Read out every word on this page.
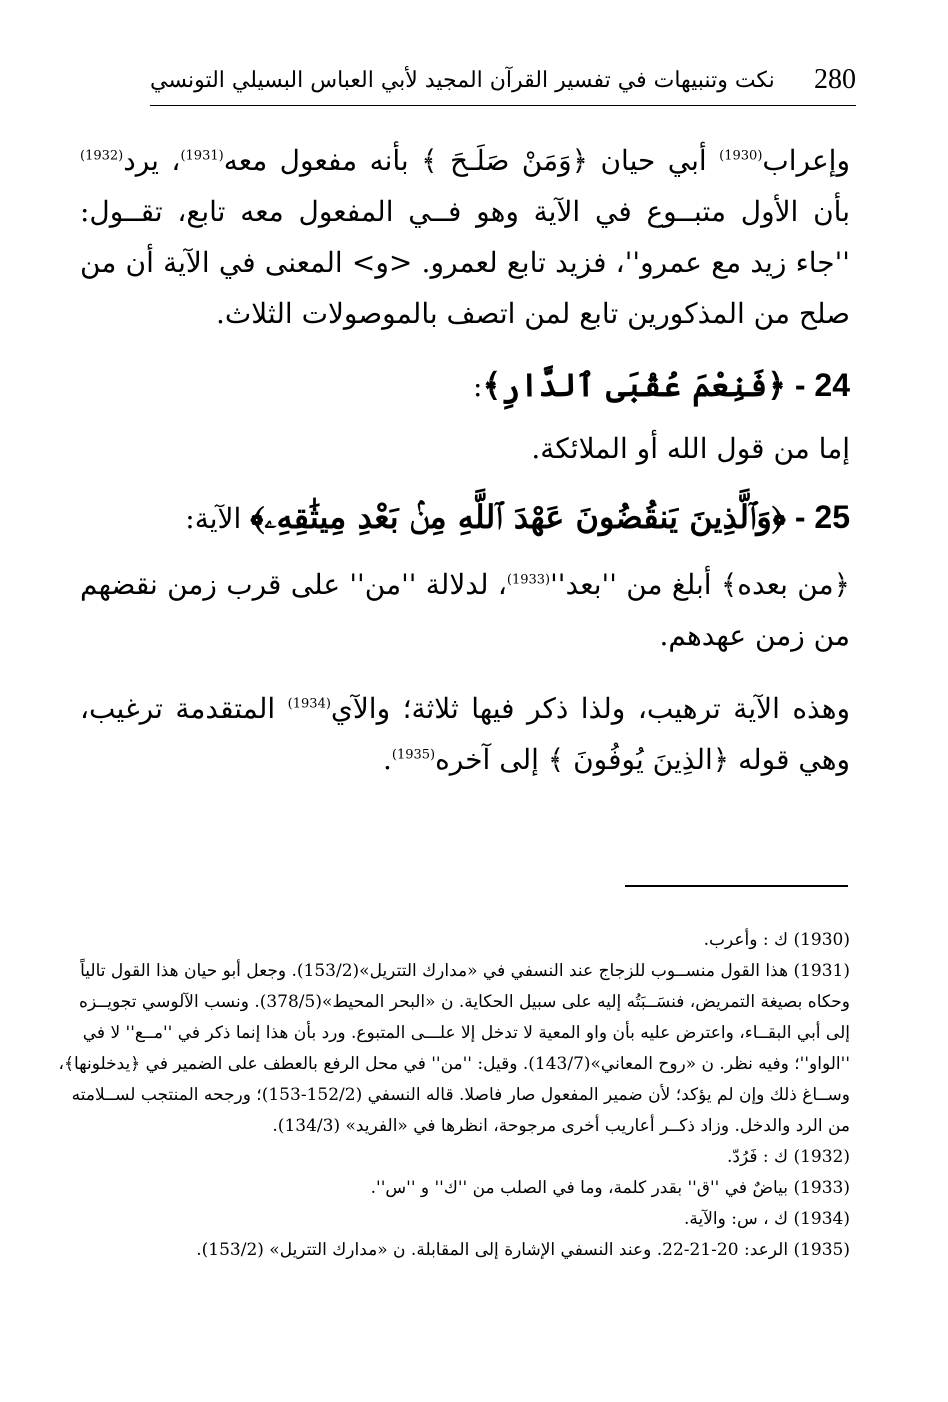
نكت وتنبيهات في تفسير القرآن المجيد لأبي العباس البسيلي التونسي 280

وإعراب$^{(1930)}$ أبي حيان ﴿وَمَنْ صَلَـحَ ﴾ بأنه مفعول معه$^{(1931)}$، يرد$^{(1932)}$ بأن الأول متبــوع في الآية وهو فــي المفعول معه تابع، تقــول: ''جاء زيد مع عمرو''، فزيد تابع لعمرو. <و> المعنى في الآية أن من صلح من المذكورين تابع لمن اتصف بالموصولات الثلاث.

24 - ﴿فَنِعْمَ عُقْبَى ٱلدَّارِ﴾:

إما من قول الله أو الملائكة.

25 - ﴿وَٱلَّذِينَ يَنقُضُونَ عَهْدَ ٱللَّهِ مِنۢ بَعْدِ مِيثَٰقِهِۦ﴾ الآية:

﴿من بعده﴾ أبلغ من ''$بعد''^{(1933)}،$ لدلالة ''من'' على قرب زمن نقضهم من زمن عهدهم.

وهذه الآية ترهيب، ولذا ذكر فيها ثلاثة؛ والآي$^{(1934)}$ المتقدمة ترغيب، وهي قوله ﴿الذِينَ يُوفُونَ ﴾ إلى آخره$^{(1935)}$.

(1930) ك : وأعرب.

(1931) هذا القول منســوب للزجاج عند النسفي في «مدارك التتريل»(153/2). وجعل أبو حيان هذا القول تالياً وحكاه بصيغة التمريض، فنسَــبَتُه إليه على سبيل الحكاية. ن «البحر المحيط»(378/5). ونسب الآلوسي تجويــزه إلى أبي البقــاء، واعترض عليه بأن واو المعية لا تدخل إلا علـــى المتبوع. ورد بأن هذا إنما ذكر في ''مــع'' لا في ''الواو''؛ وفيه نظر. ن «روح المعاني»(143/7). وقيل: ''من'' في محل الرفع بالعطف على الضمير في ﴿يدخلونها﴾، وســاغ ذلك وإن لم يؤكد؛ لأن ضمير المفعول صار فاصلا. قاله النسفي (152/2-153)؛ ورجحه المنتجب لســلامته من الرد والدخل. وزاد ذكــر أعاريب أخرى مرجوحة، انظرها في «الفريد» (134/3).

(1932) ك : فَرُدّ.

(1933) بياضٌ في ''ق'' بقدر كلمة، وما في الصلب من ''ك'' و ''س''.

(1934) ك ، س: والآية.

(1935) الرعد: 20-21-22. وعند النسفي الإشارة إلى المقابلة. ن «مدارك التتريل» (153/2).
